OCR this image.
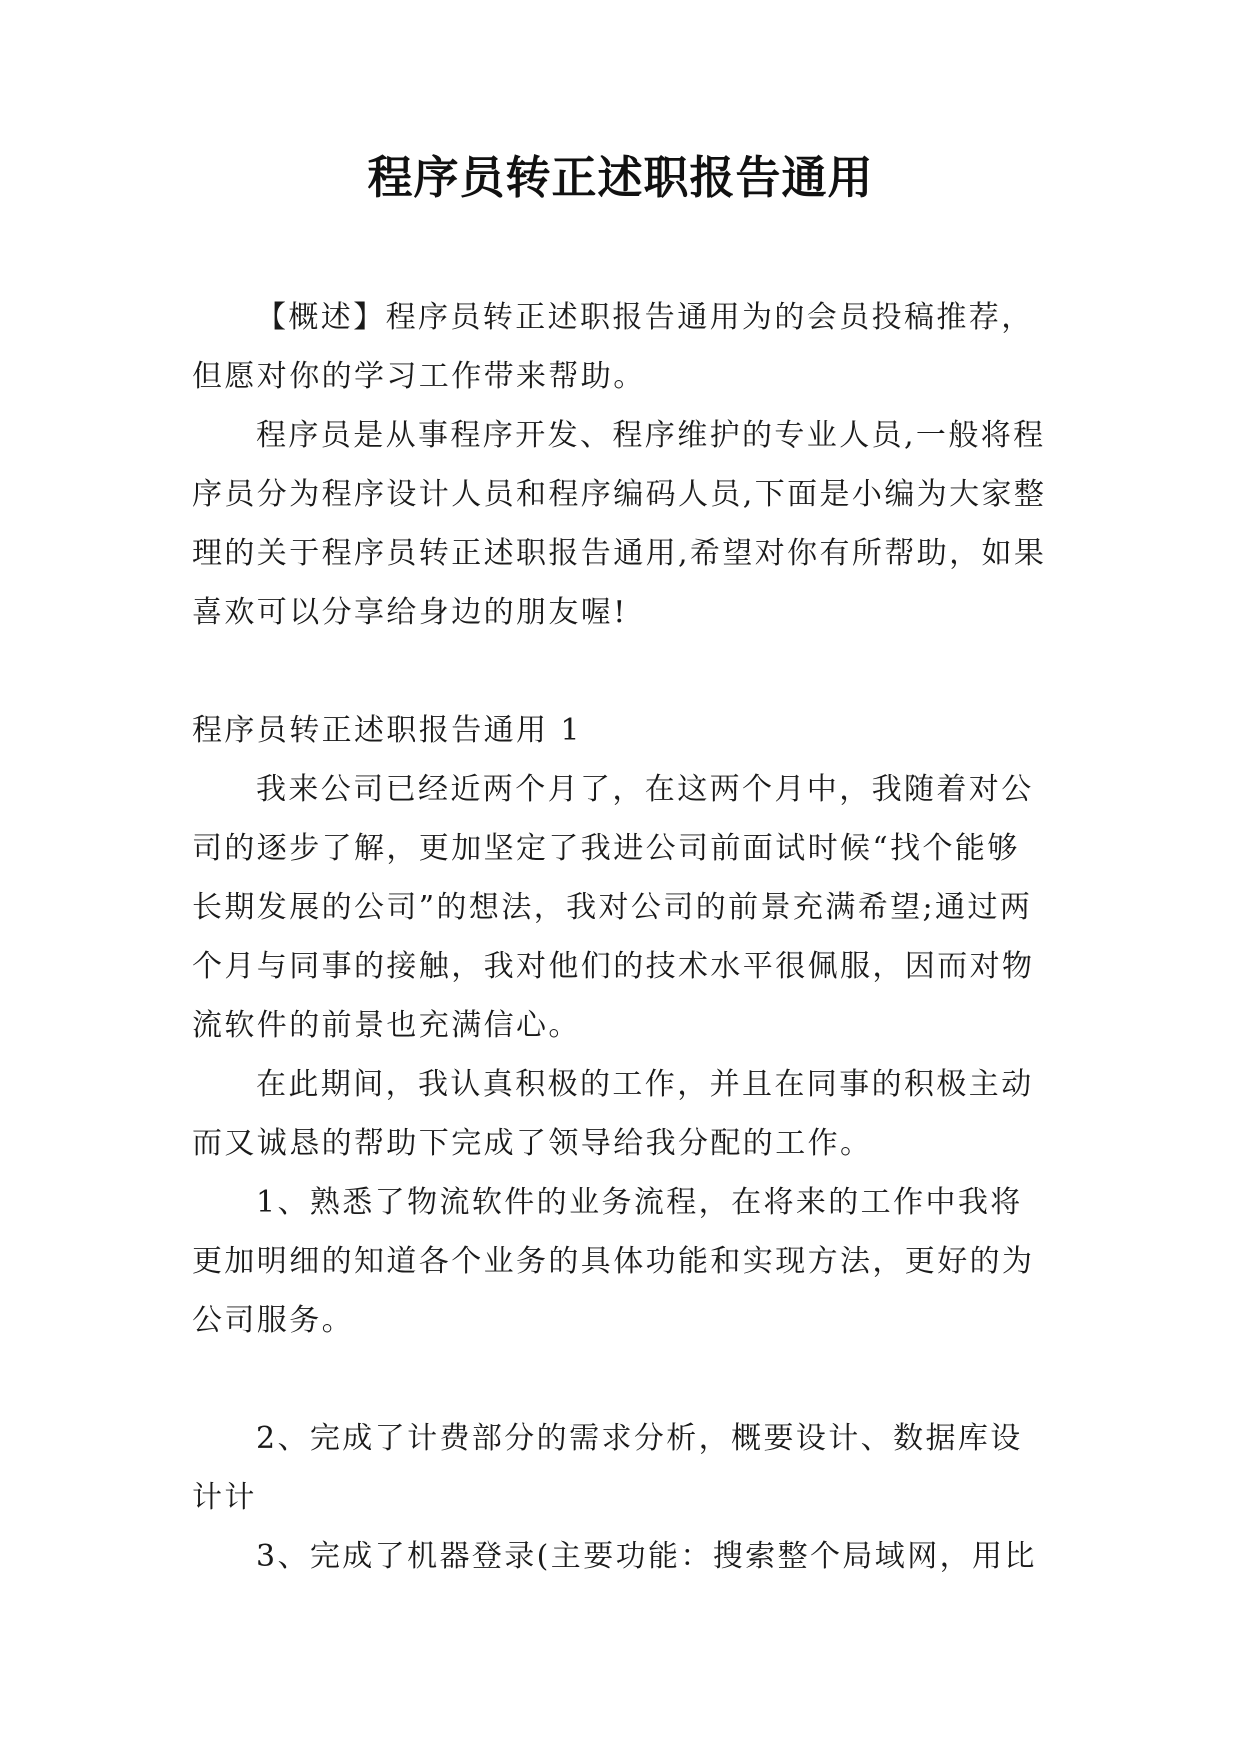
程序员转正述职报告通用

【概述】程序员转正述职报告通用为的会员投稿推荐，但愿对你的学习工作带来帮助。

程序员是从事程序开发、程序维护的专业人员,一般将程序员分为程序设计人员和程序编码人员,下面是小编为大家整理的关于程序员转正述职报告通用,希望对你有所帮助，如果喜欢可以分享给身边的朋友喔!

程序员转正述职报告通用 1

我来公司已经近两个月了，在这两个月中，我随着对公司的逐步了解，更加坚定了我进公司前面试时候“找个能够长期发展的公司”的想法，我对公司的前景充满希望;通过两个月与同事的接触，我对他们的技术水平很佩服，因而对物流软件的前景也充满信心。

在此期间，我认真积极的工作，并且在同事的积极主动而又诚恳的帮助下完成了领导给我分配的工作。

1、熟悉了物流软件的业务流程，在将来的工作中我将更加明细的知道各个业务的具体功能和实现方法，更好的为公司服务。

2、完成了计费部分的需求分析，概要设计、数据库设计计

3、完成了机器登录(主要功能：搜索整个局域网，用比
